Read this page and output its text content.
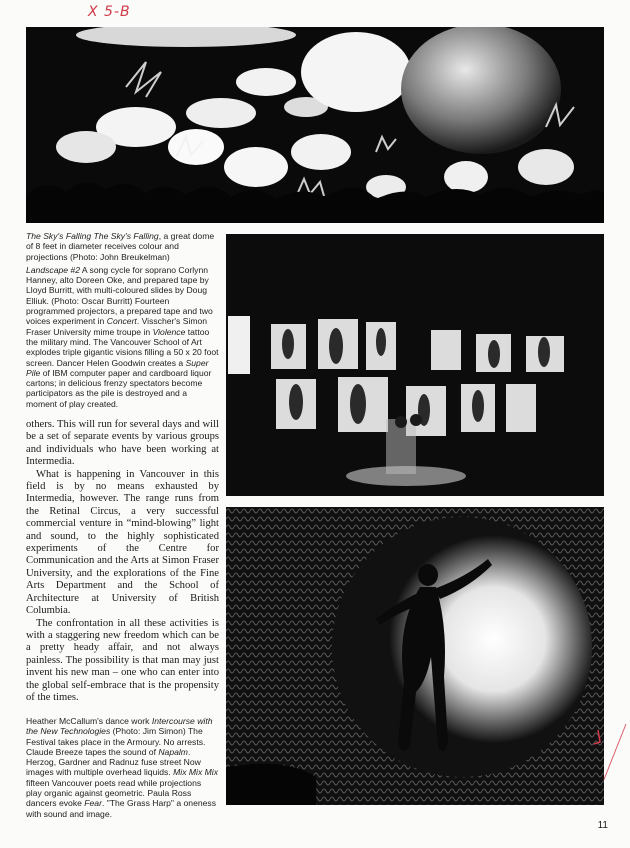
X 5-B

The Sky's Falling The Sky's Falling, a great dome of 8 feet in diameter receives colour and projections (Photo: John Breukelman)

Landscape #2 A song cycle for soprano Corlynn Hanney, alto Doreen Oke, and prepared tape by Lloyd Burritt, with multi-coloured slides by Doug Elliuk. (Photo: Oscar Burritt) Fourteen programmed projectors, a prepared tape and two voices experiment in Concert. Visscher's Simon Fraser University mime troupe in Violence tattoo the military mind. The Vancouver School of Art explodes triple gigantic visions filling a 50 x 20 foot screen. Dancer Helen Goodwin creates a Super Pile of IBM computer paper and cardboard liquor cartons; in delicious frenzy spectators become participators as the pile is destroyed and a moment of play created.

others. This will run for several days and will be a set of separate events by various groups and individuals who have been working at Intermedia.

What is happening in Vancouver in this field is by no means exhausted by Intermedia, however. The range runs from the Retinal Circus, a very successful commercial venture in “mind-blowing” light and sound, to the highly sophisticated experiments of the Centre for Communication and the Arts at Simon Fraser University, and the explorations of the Fine Arts Department and the School of Architecture at University of British Columbia.

The confrontation in all these activities is with a staggering new freedom which can be a pretty heady affair, and not always painless. The possibility is that man may just invent his new man – one who can enter into the global self-embrace that is the propensity of the times.

Heather McCallum's dance work Intercourse with the New Technologies (Photo: Jim Simon) The Festival takes place in the Armoury. No arrests. Claude Breeze tapes the sound of Napalm. Herzog, Gardner and Radnuz fuse street Now images with multiple overhead liquids. Mix Mix Mix fifteen Vancouver poets read while projections play organic against geometric. Paula Ross dancers evoke Fear. "The Grass Harp" a oneness with sound and image.

11
